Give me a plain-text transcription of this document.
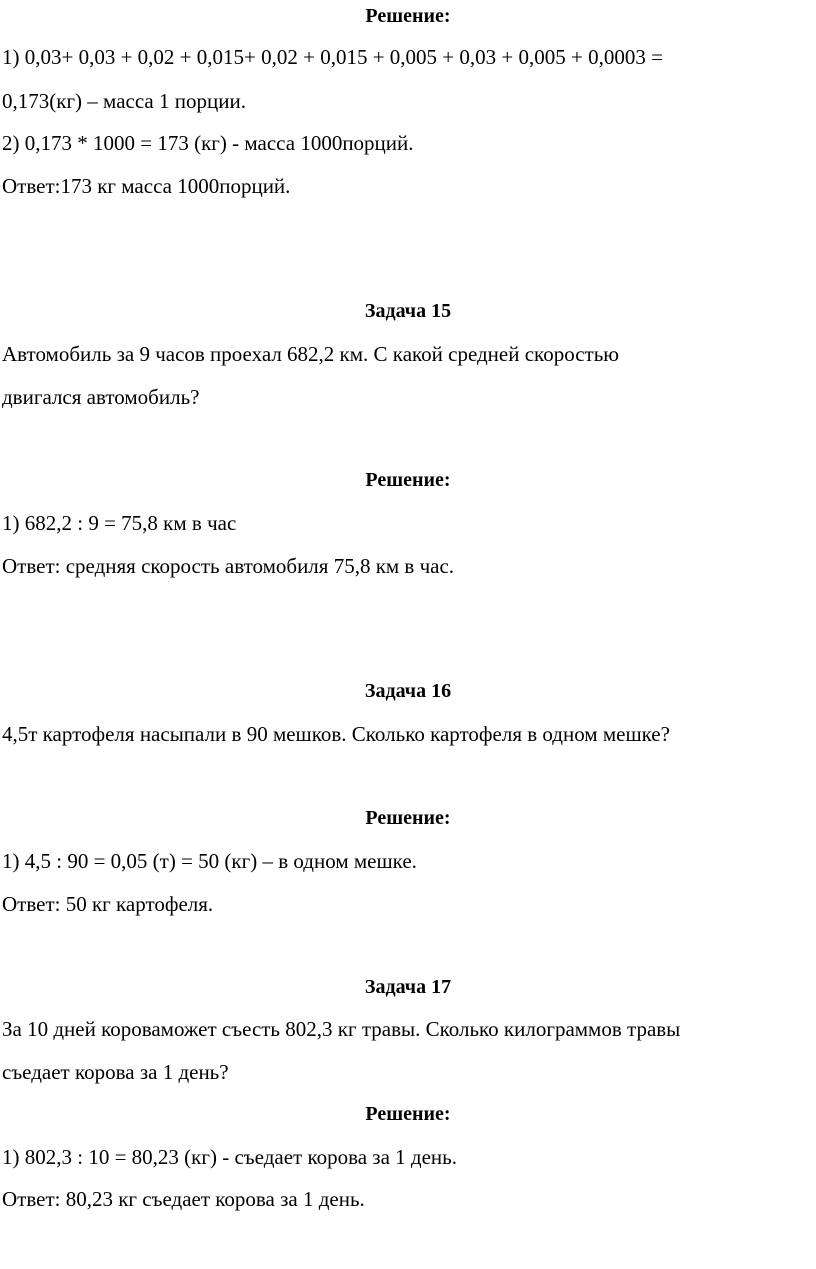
Решение:
1) 0,03+ 0,03 + 0,02 + 0,015+ 0,02 + 0,015 + 0,005 + 0,03 + 0,005 + 0,0003 =
0,173(кг) – масса 1 порции.
2) 0,173 * 1000 = 173 (кг) - масса 1000порций.
Ответ:173 кг масса 1000порций.
Задача 15
Автомобиль за 9 часов проехал 682,2 км. С какой средней скоростью
двигался автомобиль?
Решение:
1) 682,2 : 9 = 75,8 км в час
Ответ: средняя скорость автомобиля 75,8 км в час.
Задача 16
4,5т картофеля насыпали в 90 мешков. Сколько картофеля в одном мешке?
Решение:
1) 4,5 : 90 = 0,05 (т) = 50 (кг) – в одном мешке.
Ответ: 50 кг картофеля.
Задача 17
За 10 дней короваможет съесть 802,3 кг травы. Сколько килограммов травы
съедает корова за 1 день?
Решение:
1) 802,3 : 10 = 80,23 (кг) - съедает корова за 1 день.
Ответ: 80,23 кг съедает корова за 1 день.
